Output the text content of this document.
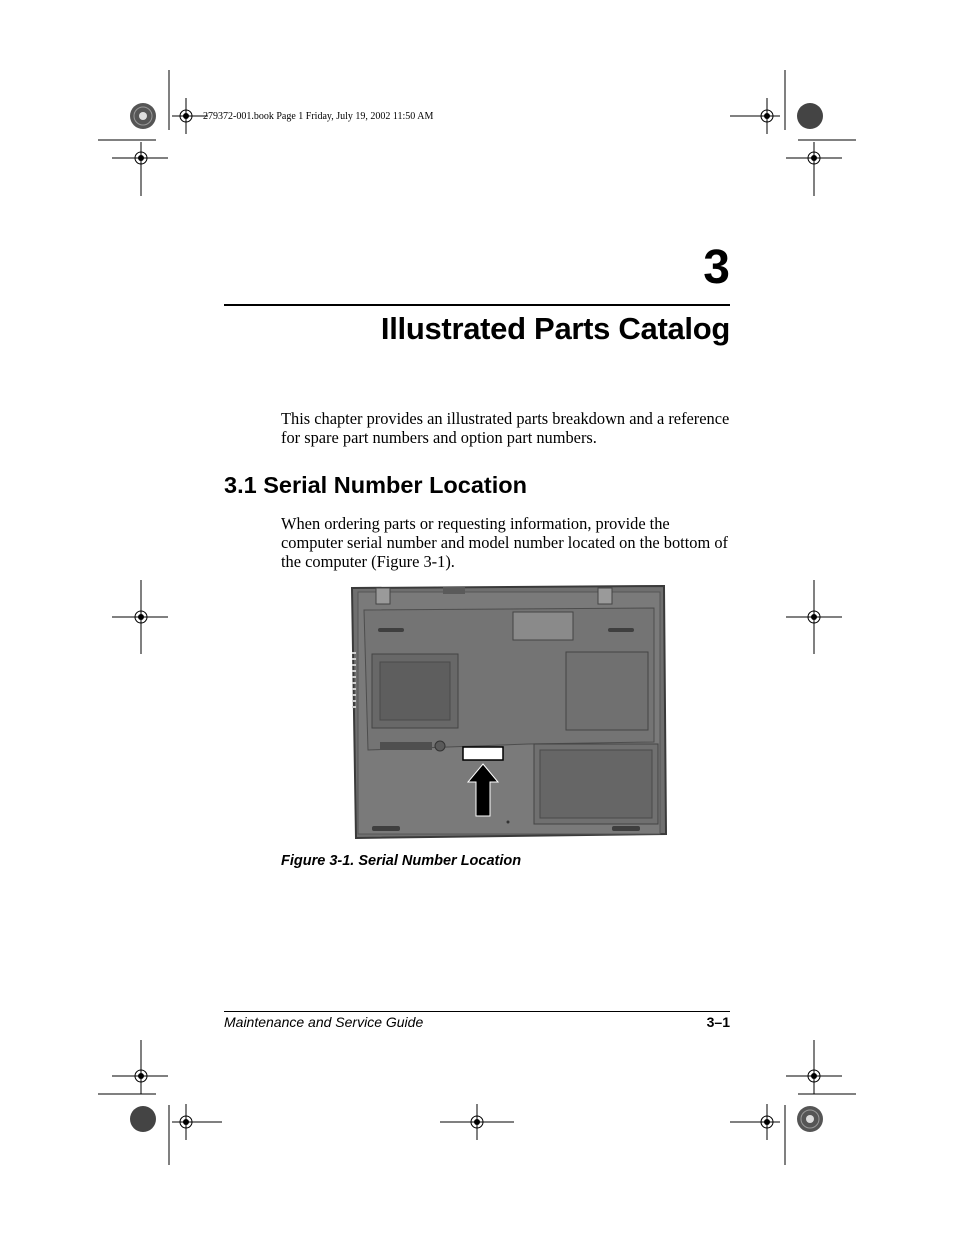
279372-001.book Page 1 Friday, July 19, 2002 11:50 AM
3
Illustrated Parts Catalog
This chapter provides an illustrated parts breakdown and a reference for spare part numbers and option part numbers.
3.1 Serial Number Location
When ordering parts or requesting information, provide the computer serial number and model number located on the bottom of the computer (Figure 3-1).
Figure 3-1. Serial Number Location
Maintenance and Service Guide	3–1
